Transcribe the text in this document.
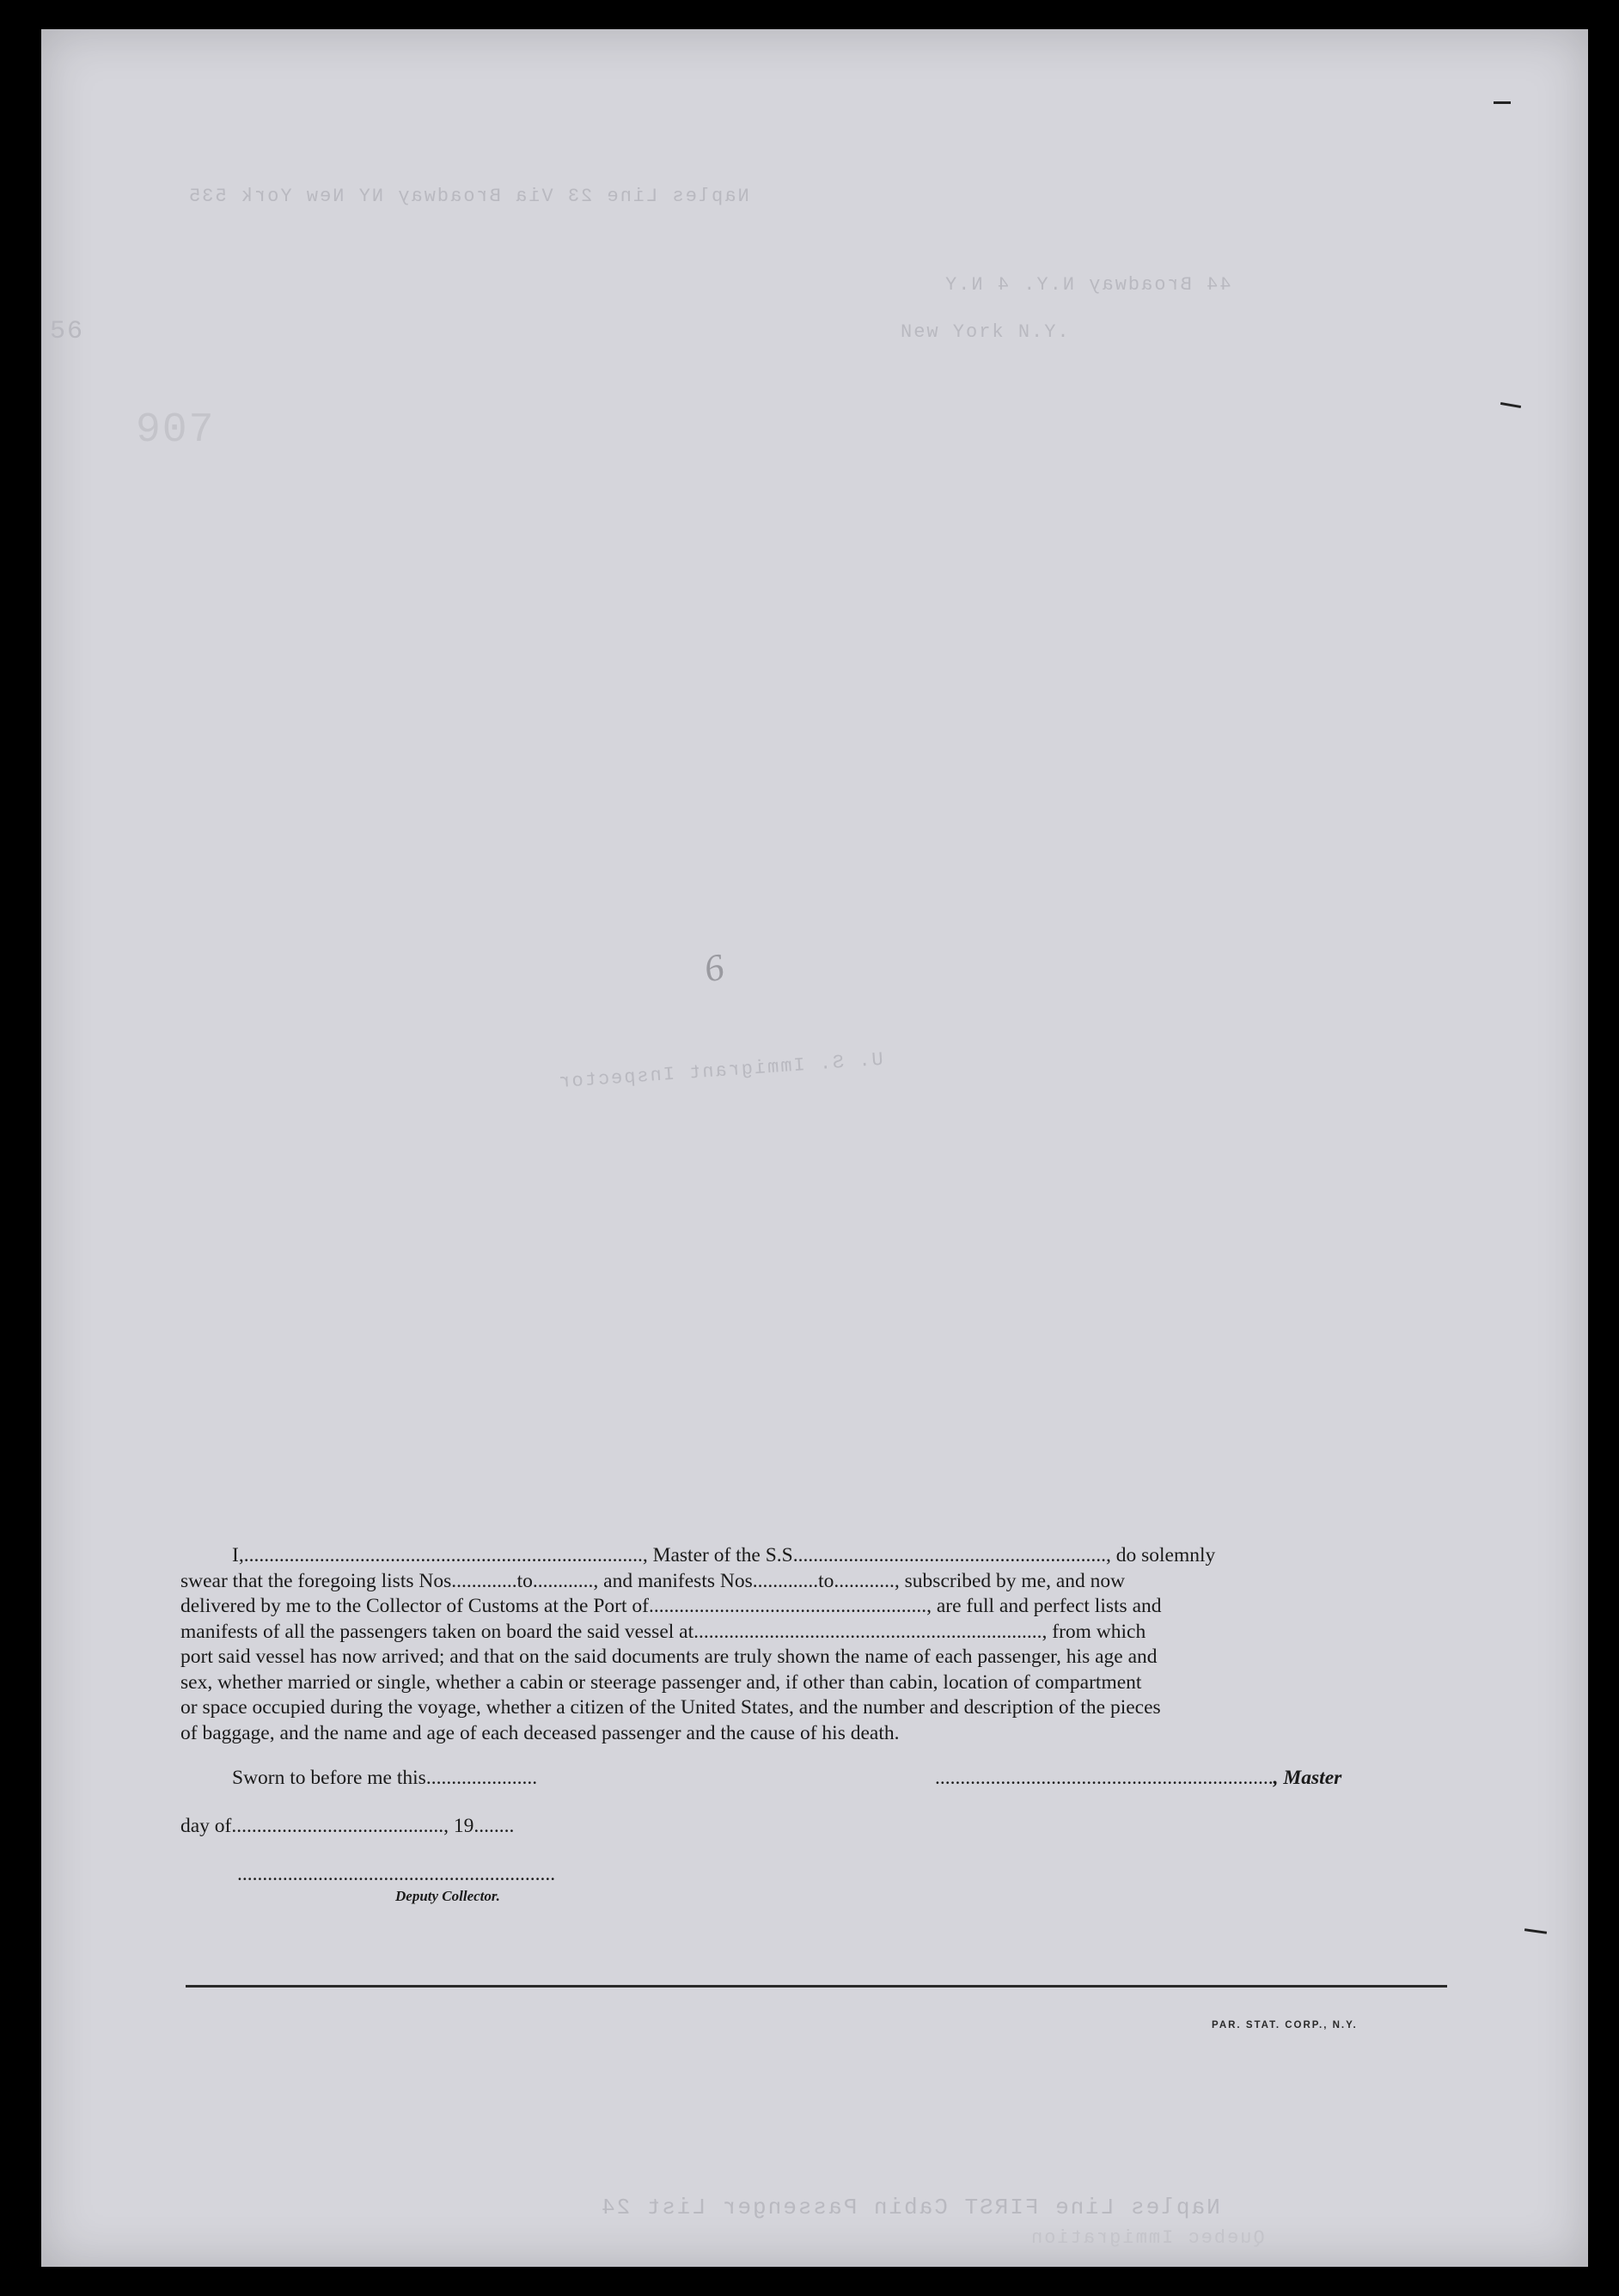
Naples Line 23 Via Broadway NY New York 535
44 Broadway N.Y. 4 N.Y
New York N.Y.
56
907
U. S. Immigrant Inspector
Naples Line FIRST Cabin Passenger List 24
Quebec Immigration
6

I,..............................................................................., Master of the S.S.............................................................., do solemnly

swear that the foregoing lists Nos.............to............, and manifests Nos.............to............, subscribed by me, and now

delivered by me to the Collector of Customs at the Port of......................................................., are full and perfect lists and

manifests of all the passengers taken on board the said vessel at....................................................................., from which

port said vessel has now arrived; and that on the said documents are truly shown the name of each passenger, his age and

sex, whether married or single, whether a cabin or steerage passenger and, if other than cabin, location of compartment

or space occupied during the voyage, whether a citizen of the United States, and the number and description of the pieces

of baggage, and the name and age of each deceased passenger and the cause of his death.

Sworn to before me this......................	..................................................................., Master
day of.........................................., 19........
...............................................................
Deputy Collector.
PAR. STAT. CORP., N.Y.
